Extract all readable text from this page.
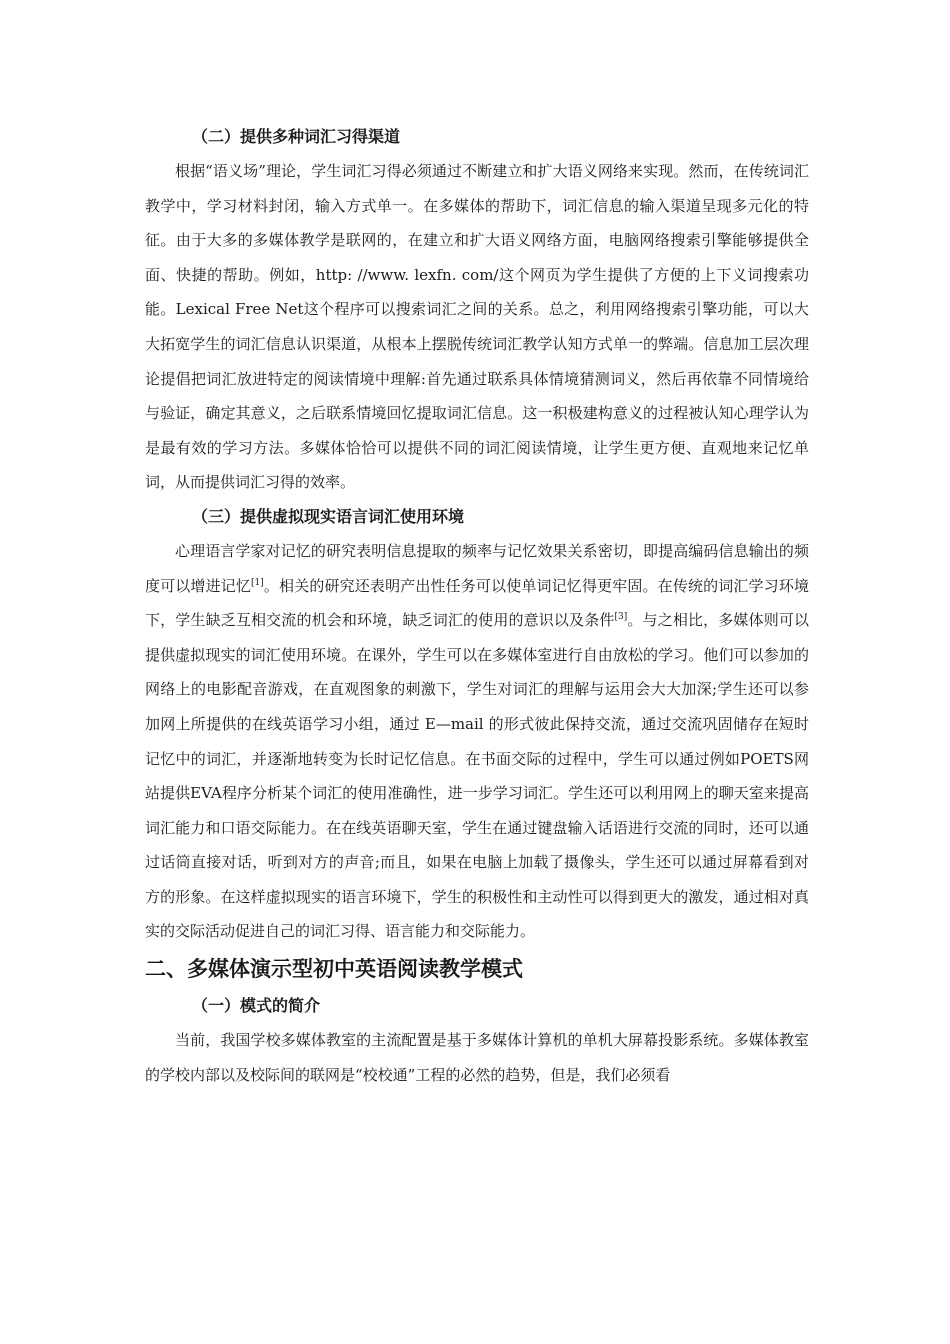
（二）提供多种词汇习得渠道

根据“语义场”理论，学生词汇习得必须通过不断建立和扩大语义网络来实现。然而，在传统词汇教学中，学习材料封闭，输入方式单一。在多媒体的帮助下，词汇信息的输入渠道呈现多元化的特征。由于大多的多媒体教学是联网的，在建立和扩大语义网络方面，电脑网络搜索引擎能够提供全面、快捷的帮助。例如，http: //www. lexfn. com/这个网页为学生提供了方便的上下义词搜索功能。Lexical Free Net这个程序可以搜索词汇之间的关系。总之，利用网络搜索引擎功能，可以大大拓宽学生的词汇信息认识渠道，从根本上摆脱传统词汇教学认知方式单一的弊端。信息加工层次理论提倡把词汇放进特定的阅读情境中理解:首先通过联系具体情境猜测词义，然后再依靠不同情境给与验证，确定其意义，之后联系情境回忆提取词汇信息。这一积极建构意义的过程被认知心理学认为是最有效的学习方法。多媒体恰恰可以提供不同的词汇阅读情境，让学生更方便、直观地来记忆单词，从而提供词汇习得的效率。

（三）提供虚拟现实语言词汇使用环境

心理语言学家对记忆的研究表明信息提取的频率与记忆效果关系密切，即提高编码信息输出的频度可以增进记忆[1]。相关的研究还表明产出性任务可以使单词记忆得更牢固。在传统的词汇学习环境下，学生缺乏互相交流的机会和环境，缺乏词汇的使用的意识以及条件[3]。与之相比，多媒体则可以提供虚拟现实的词汇使用环境。在课外，学生可以在多媒体室进行自由放松的学习。他们可以参加的网络上的电影配音游戏，在直观图象的刺激下，学生对词汇的理解与运用会大大加深;学生还可以参加网上所提供的在线英语学习小组，通过 E—mail 的形式彼此保持交流，通过交流巩固储存在短时记忆中的词汇，并逐渐地转变为长时记忆信息。在书面交际的过程中，学生可以通过例如POETS网站提供EVA程序分析某个词汇的使用准确性，进一步学习词汇。学生还可以利用网上的聊天室来提高词汇能力和口语交际能力。在在线英语聊天室，学生在通过键盘输入话语进行交流的同时，还可以通过话筒直接对话，听到对方的声音;而且，如果在电脑上加载了摄像头，学生还可以通过屏幕看到对方的形象。在这样虚拟现实的语言环境下，学生的积极性和主动性可以得到更大的激发，通过相对真实的交际活动促进自己的词汇习得、语言能力和交际能力。

二、多媒体演示型初中英语阅读教学模式
（一）模式的简介

当前，我国学校多媒体教室的主流配置是基于多媒体计算机的单机大屏幕投影系统。多媒体教室的学校内部以及校际间的联网是“校校通”工程的必然的趋势，但是，我们必须看
